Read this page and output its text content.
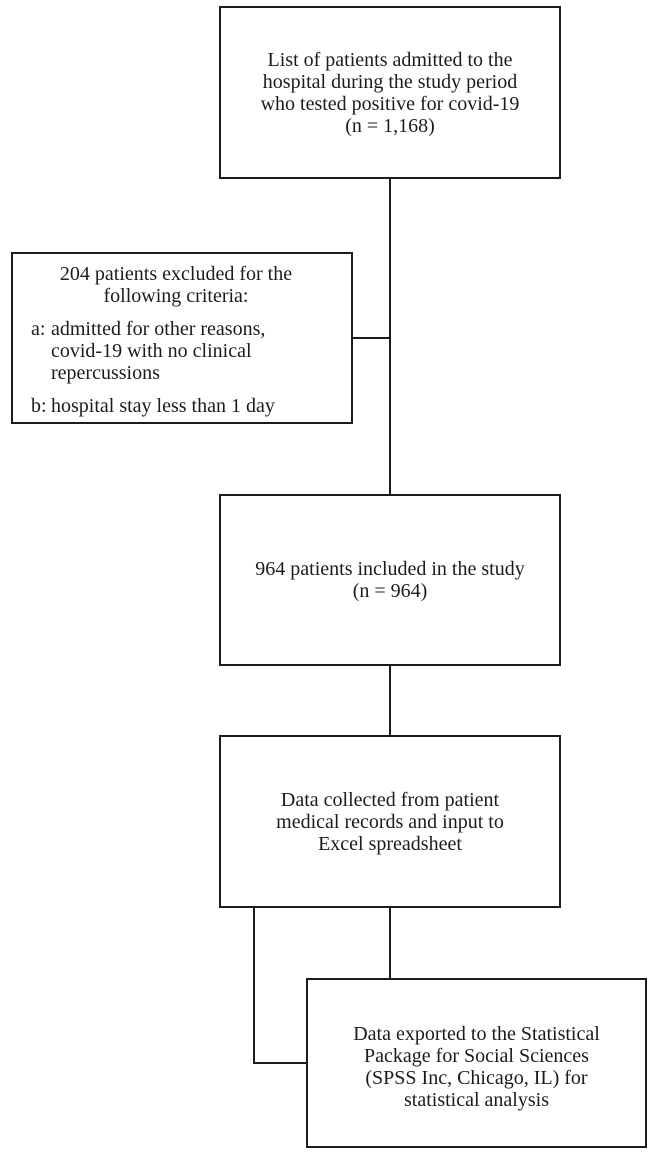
List of patients admitted to the
hospital during the study period
who tested positive for covid-19
(n = 1,168)
204 patients excluded for the
following criteria:
a: admitted for other reasons,
covid-19 with no clinical
repercussions
b: hospital stay less than 1 day
964 patients included in the study
(n = 964)
Data collected from patient
medical records and input to
Excel spreadsheet
Data exported to the Statistical
Package for Social Sciences
(SPSS Inc, Chicago, IL) for
statistical analysis
